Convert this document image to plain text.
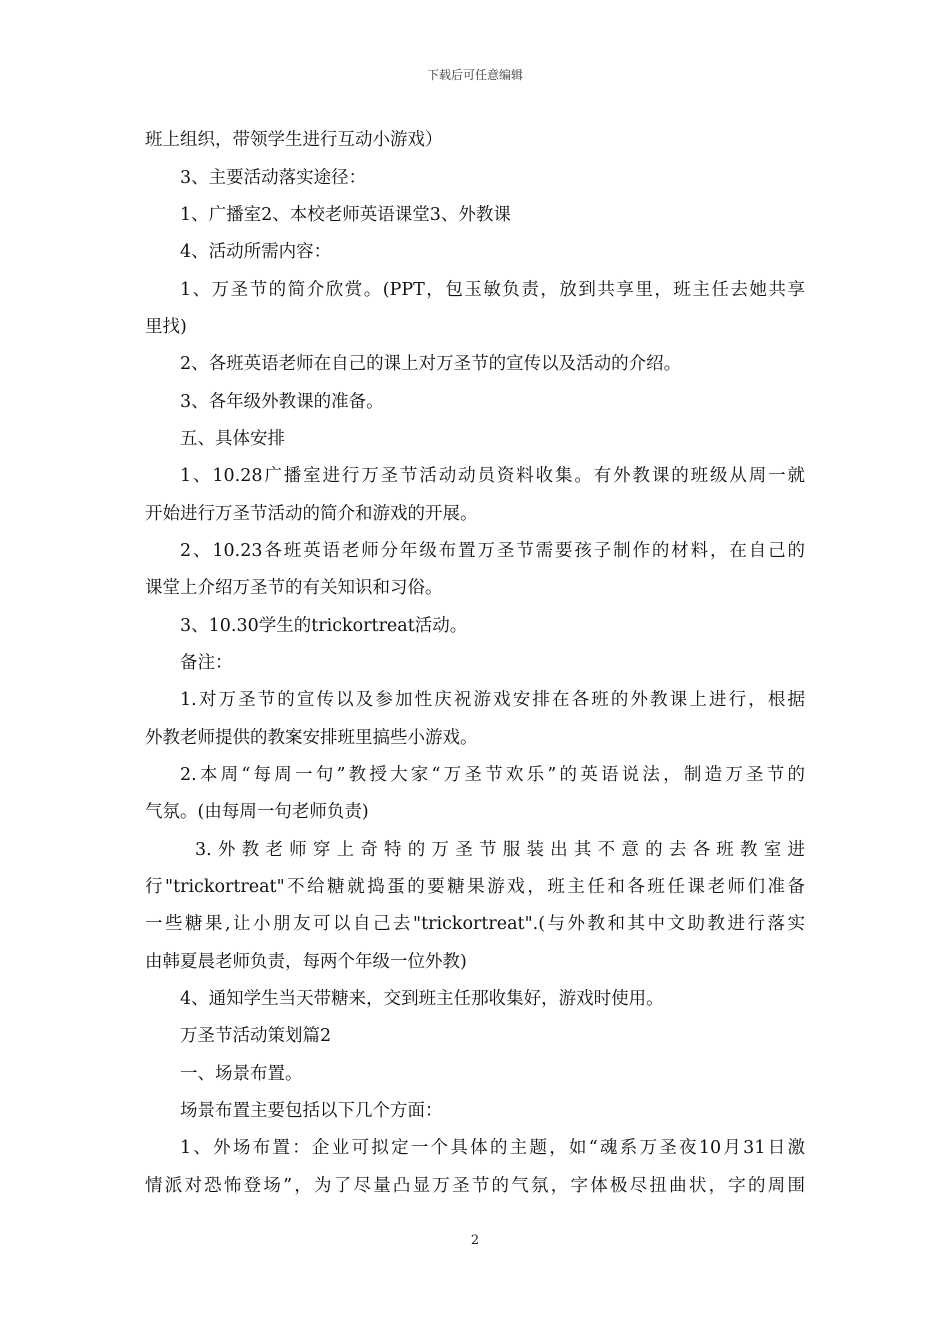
下载后可任意编辑
班上组织，带领学生进行互动小游戏）
3、主要活动落实途径：
1、广播室2、本校老师英语课堂3、外教课
4、活动所需内容：
1、万圣节的简介欣赏。(PPT，包玉敏负责，放到共享里，班主任去她共享
里找)
2、各班英语老师在自己的课上对万圣节的宣传以及活动的介绍。
3、各年级外教课的准备。
五、具体安排
1、10.28广播室进行万圣节活动动员资料收集。有外教课的班级从周一就
开始进行万圣节活动的简介和游戏的开展。
2、10.23各班英语老师分年级布置万圣节需要孩子制作的材料，在自己的
课堂上介绍万圣节的有关知识和习俗。
3、10.30学生的trickortreat活动。
备注：
1.对万圣节的宣传以及参加性庆祝游戏安排在各班的外教课上进行，根据
外教老师提供的教案安排班里搞些小游戏。
2.本周“每周一句”教授大家“万圣节欢乐”的英语说法，制造万圣节的
气氛。(由每周一句老师负责)
3.外教老师穿上奇特的万圣节服装出其不意的去各班教室进
行"trickortreat"不给糖就捣蛋的要糖果游戏，班主任和各班任课老师们准备
一些糖果,让小朋友可以自己去"trickortreat".(与外教和其中文助教进行落实
由韩夏晨老师负责，每两个年级一位外教)
4、通知学生当天带糖来，交到班主任那收集好，游戏时使用。
万圣节活动策划篇2
一、场景布置。
场景布置主要包括以下几个方面：
1、外场布置：企业可拟定一个具体的主题，如“魂系万圣夜10月31日激
情派对恐怖登场”，为了尽量凸显万圣节的气氛，字体极尽扭曲状，字的周围
2
